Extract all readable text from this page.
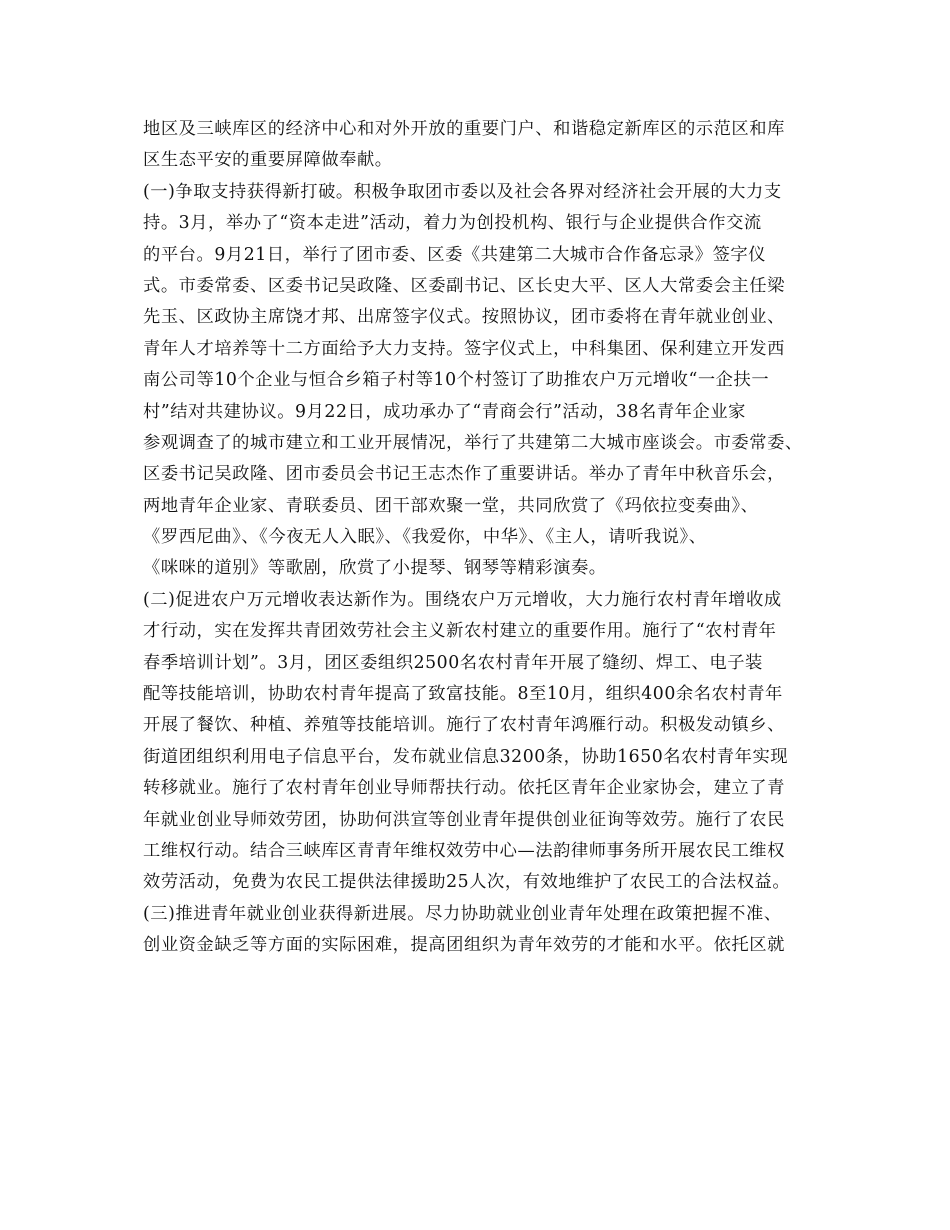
地区及三峡库区的经济中心和对外开放的重要门户、和谐稳定新库区的示范区和库
区生态平安的重要屏障做奉献。
(一)争取支持获得新打破。积极争取团市委以及社会各界对经济社会开展的大力支
持。3月，举办了“资本走进”活动，着力为创投机构、银行与企业提供合作交流
的平台。9月21日，举行了团市委、区委《共建第二大城市合作备忘录》签字仪
式。市委常委、区委书记吴政隆、区委副书记、区长史大平、区人大常委会主任梁
先玉、区政协主席饶才邦、出席签字仪式。按照协议，团市委将在青年就业创业、
青年人才培养等十二方面给予大力支持。签字仪式上，中科集团、保利建立开发西
南公司等10个企业与恒合乡箱子村等10个村签订了助推农户万元增收“一企扶一
村”结对共建协议。9月22日，成功承办了“青商会行”活动，38名青年企业家
参观调查了的城市建立和工业开展情况，举行了共建第二大城市座谈会。市委常委、
区委书记吴政隆、团市委员会书记王志杰作了重要讲话。举办了青年中秋音乐会，
两地青年企业家、青联委员、团干部欢聚一堂，共同欣赏了《玛依拉变奏曲》、
《罗西尼曲》、《今夜无人入眠》、《我爱你，中华》、《主人，请听我说》、
《咪咪的道别》等歌剧，欣赏了小提琴、钢琴等精彩演奏。
(二)促进农户万元增收表达新作为。围绕农户万元增收，大力施行农村青年增收成
才行动，实在发挥共青团效劳社会主义新农村建立的重要作用。施行了“农村青年
春季培训计划”。3月，团区委组织2500名农村青年开展了缝纫、焊工、电子装
配等技能培训，协助农村青年提高了致富技能。8至10月，组织400余名农村青年
开展了餐饮、种植、养殖等技能培训。施行了农村青年鸿雁行动。积极发动镇乡、
街道团组织利用电子信息平台，发布就业信息3200条，协助1650名农村青年实现
转移就业。施行了农村青年创业导师帮扶行动。依托区青年企业家协会，建立了青
年就业创业导师效劳团，协助何洪宣等创业青年提供创业征询等效劳。施行了农民
工维权行动。结合三峡库区青青年维权效劳中心—法韵律师事务所开展农民工维权
效劳活动，免费为农民工提供法律援助25人次，有效地维护了农民工的合法权益。
(三)推进青年就业创业获得新进展。尽力协助就业创业青年处理在政策把握不准、
创业资金缺乏等方面的实际困难，提高团组织为青年效劳的才能和水平。依托区就
